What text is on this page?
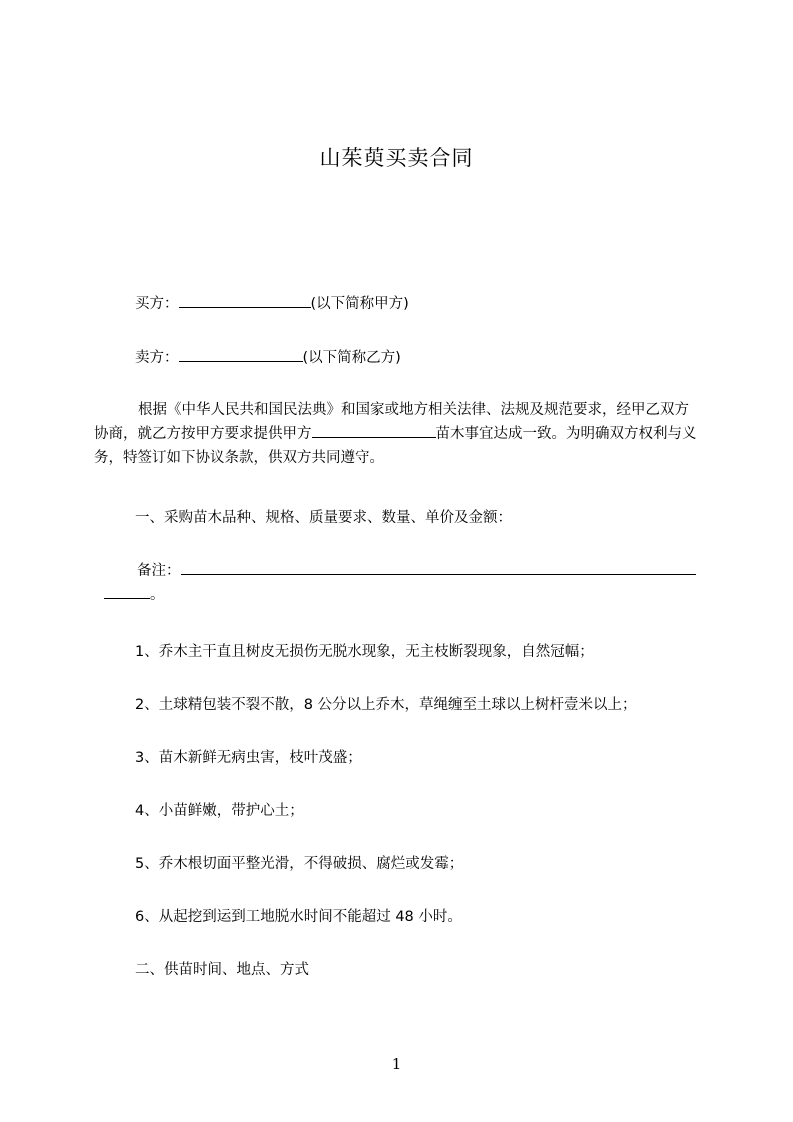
山茱萸买卖合同
买方：	(以下简称甲方)
卖方：	(以下简称乙方)
根据《中华人民共和国民法典》和国家或地方相关法律、法规及规范要求，经甲乙双方协商，就乙方按甲方要求提供甲方	苗木事宜达成一致。为明确双方权利与义务，特签订如下协议条款，供双方共同遵守。
一、采购苗木品种、规格、质量要求、数量、单价及金额：
备注：
。
1、乔木主干直且树皮无损伤无脱水现象，无主枝断裂现象，自然冠幅；
2、土球精包装不裂不散，8 公分以上乔木，草绳缠至土球以上树杆壹米以上；
3、苗木新鲜无病虫害，枝叶茂盛；
4、小苗鲜嫩，带护心土；
5、乔木根切面平整光滑，不得破损、腐烂或发霉；
6、从起挖到运到工地脱水时间不能超过 48 小时。
二、供苗时间、地点、方式
1
